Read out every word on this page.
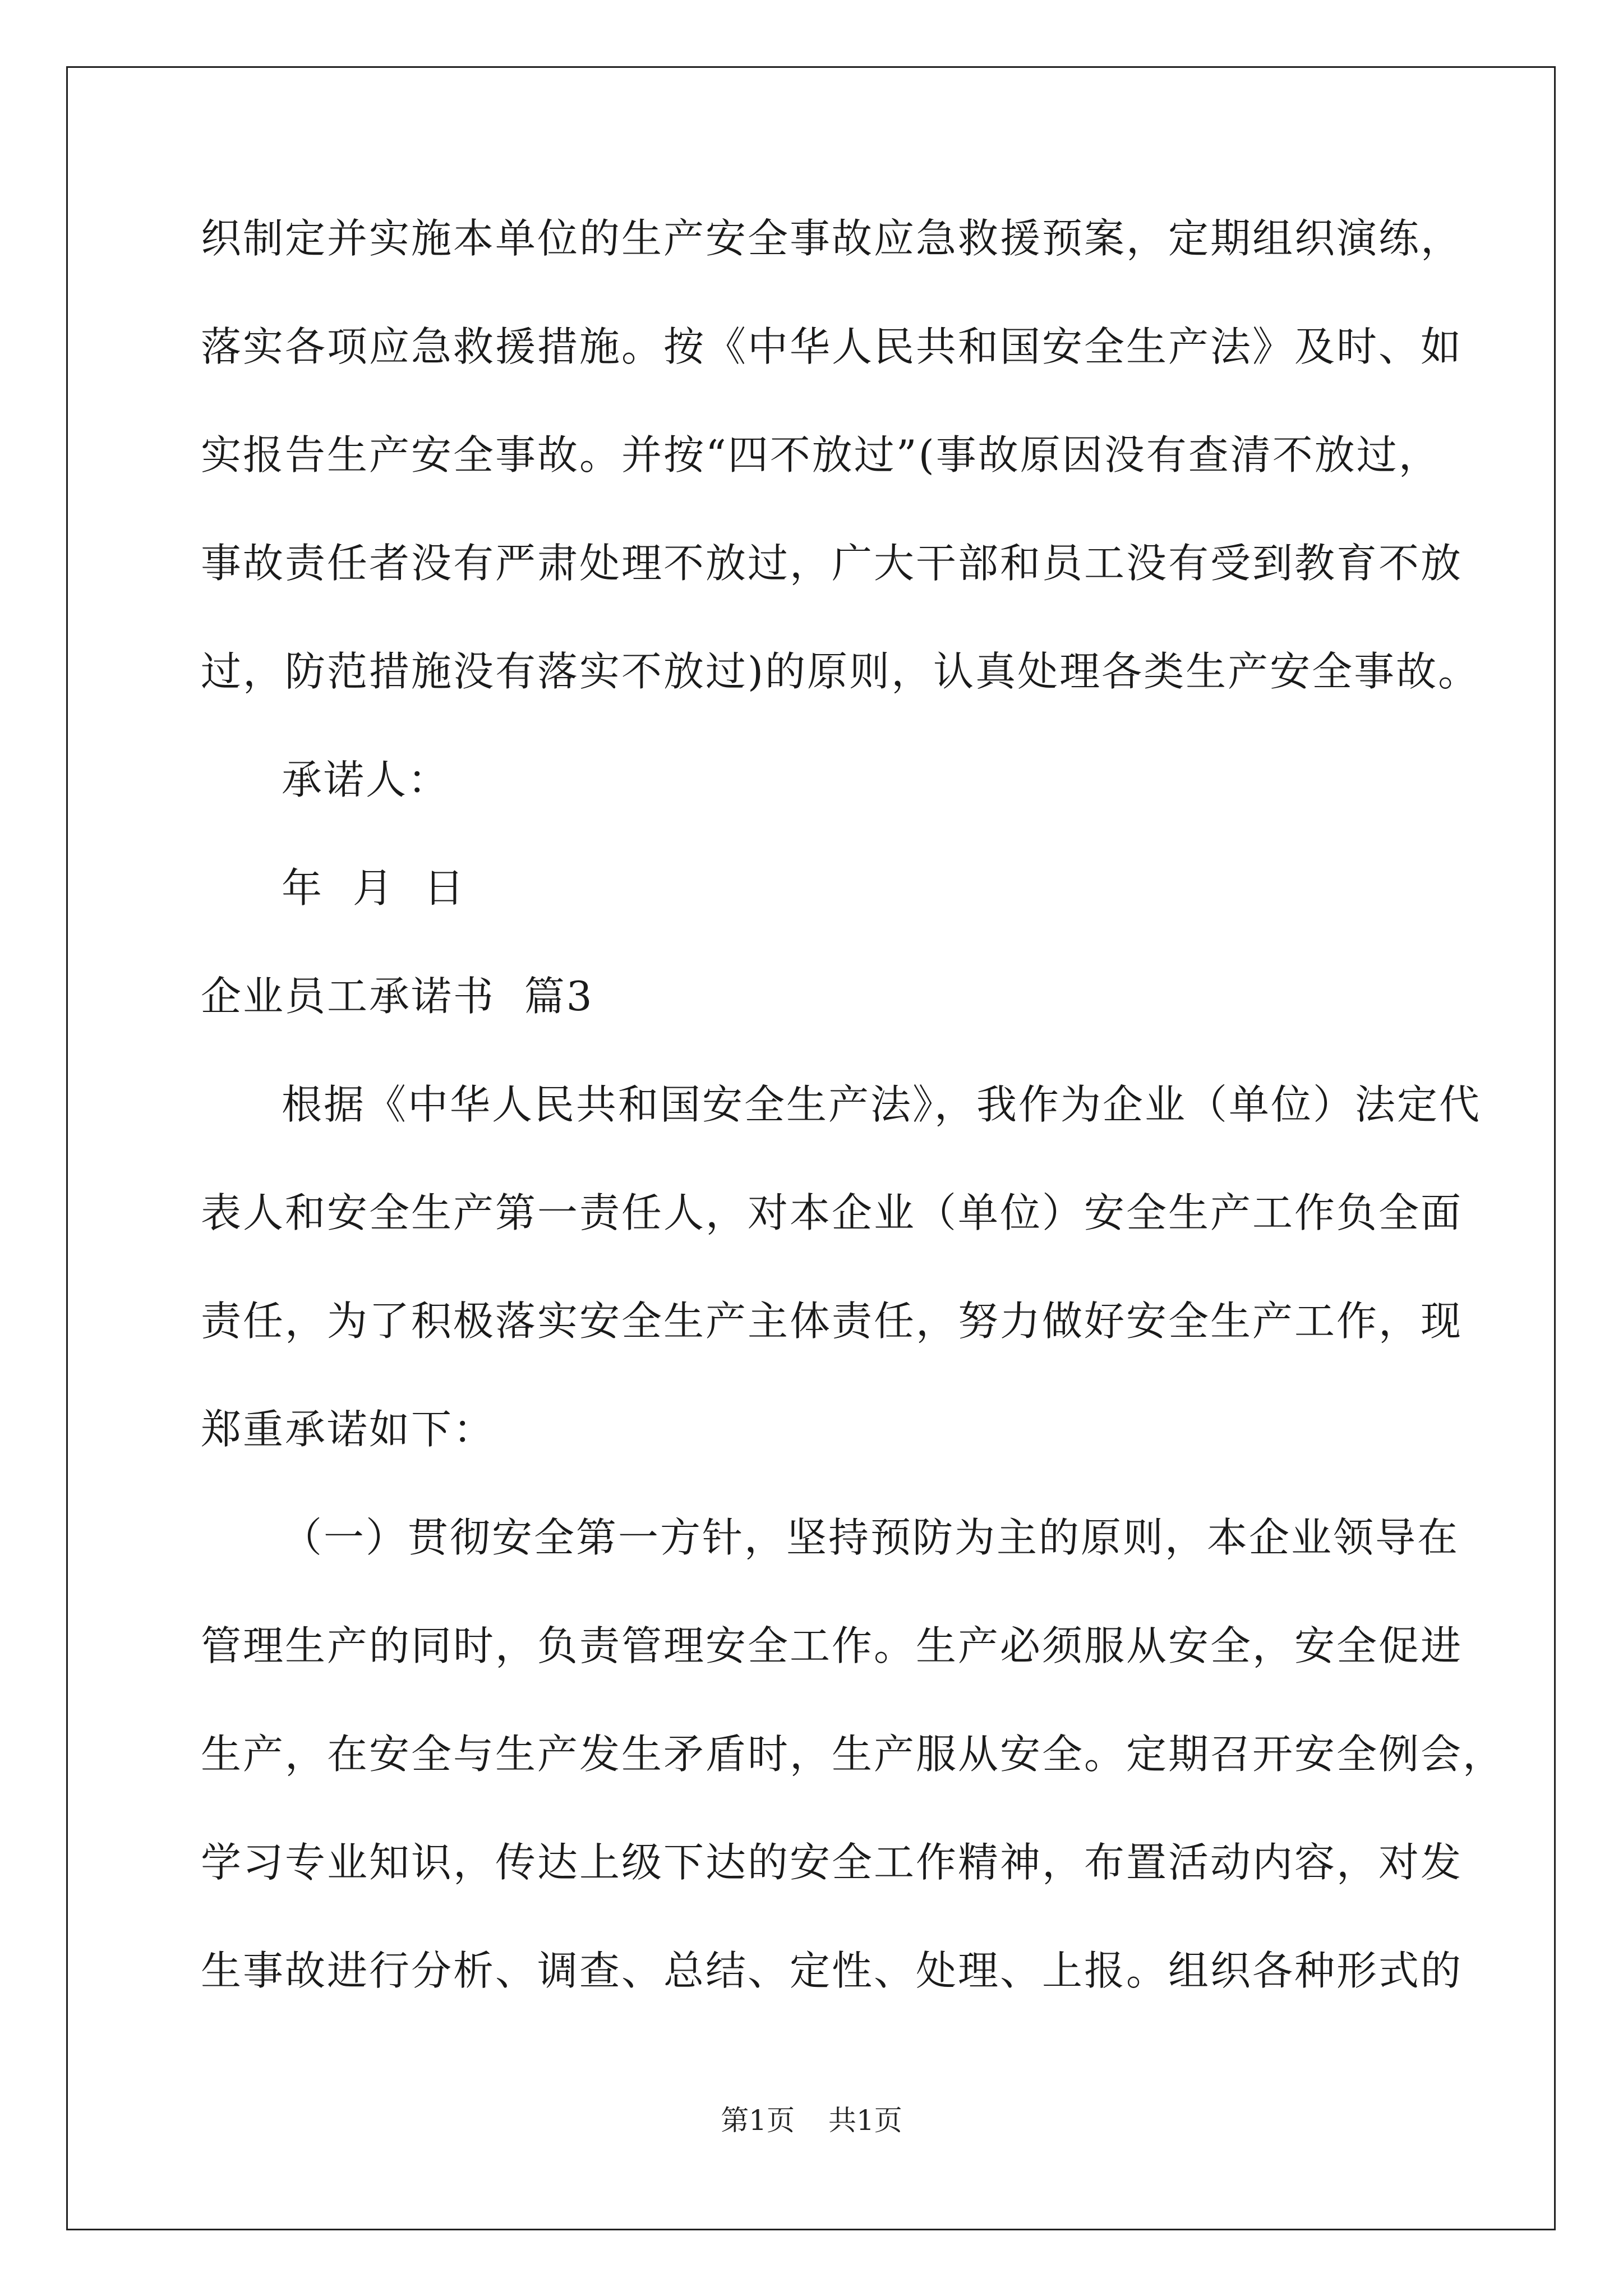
织制定并实施本单位的生产安全事故应急救援预案，定期组织演练，
落实各项应急救援措施。按《中华人民共和国安全生产法》及时、如
实报告生产安全事故。并按“四不放过”(事故原因没有查清不放过，
事故责任者没有严肃处理不放过，广大干部和员工没有受到教育不放
过，防范措施没有落实不放过)的原则，认真处理各类生产安全事故。
承诺人：
年  月  日
企业员工承诺书  篇3
根据《中华人民共和国安全生产法》，我作为企业（单位）法定代
表人和安全生产第一责任人，对本企业（单位）安全生产工作负全面
责任，为了积极落实安全生产主体责任，努力做好安全生产工作，现
郑重承诺如下：
（一）贯彻安全第一方针，坚持预防为主的原则，本企业领导在
管理生产的同时，负责管理安全工作。生产必须服从安全，安全促进
生产，在安全与生产发生矛盾时，生产服从安全。定期召开安全例会，
学习专业知识，传达上级下达的安全工作精神，布置活动内容，对发
生事故进行分析、调查、总结、定性、处理、上报。组织各种形式的
第1页 共1页
